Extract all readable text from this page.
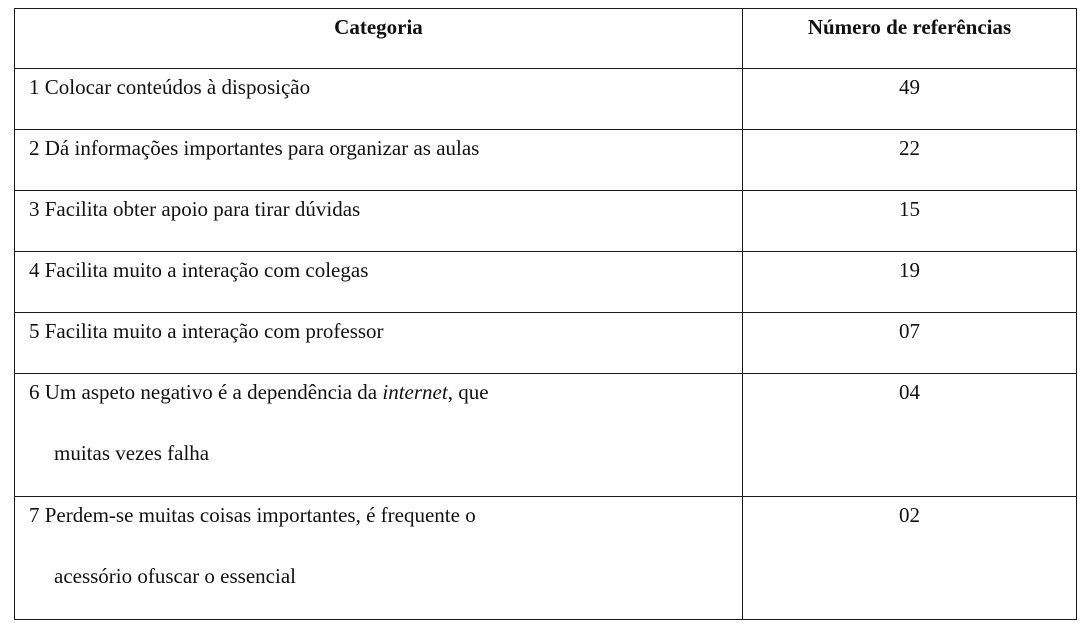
Categoria	Número de referências

1 Colocar conteúdos à disposição	49

2 Dá informações importantes para organizar as aulas	22

3 Facilita obter apoio para tirar dúvidas	15

4 Facilita muito a interação com colegas	19

5 Facilita muito a interação com professor	07

6 Um aspeto negativo é a dependência da internet, que
muitas vezes falha	04

7 Perdem-se muitas coisas importantes, é frequente o
acessório ofuscar o essencial	02
